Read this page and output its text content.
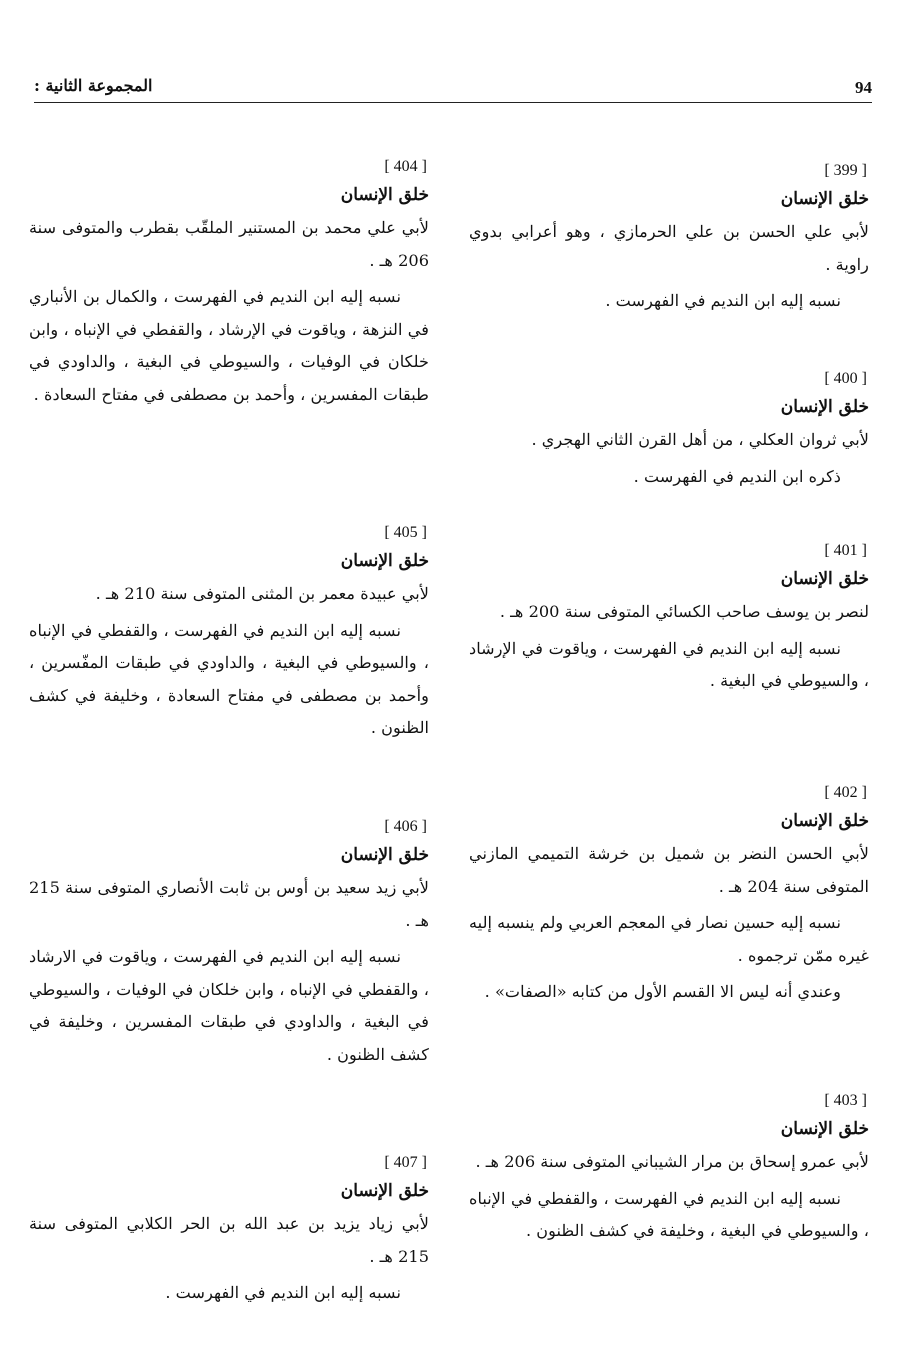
94
المجموعة الثانية :
[ 399 ]
خلق الإنسان

لأبي علي الحسن بن علي الحرمازي ، وهو أعرابي بدوي راوية .

نسبه إليه ابن النديم في الفهرست .

[ 400 ]
خلق الإنسان

لأبي ثروان العكلي ، من أهل القرن الثاني الهجري .

ذكره ابن النديم في الفهرست .

[ 401 ]
خلق الإنسان

لنصر بن يوسف صاحب الكسائي المتوفى سنة 200 هـ .

نسبه إليه ابن النديم في الفهرست ، وياقوت في الإرشاد ، والسيوطي في البغية .

[ 402 ]
خلق الإنسان

لأبي الحسن النضر بن شميل بن خرشة التميمي المازني المتوفى سنة 204 هـ .

نسبه إليه حسين نصار في المعجم العربي ولم ينسبه إليه غيره ممّن ترجموه .

وعندي أنه ليس الا القسم الأول من كتابه «الصفات» .

[ 403 ]
خلق الإنسان

لأبي عمرو إسحاق بن مرار الشيباني المتوفى سنة 206 هـ .

نسبه إليه ابن النديم في الفهرست ، والقفطي في الإنباه ، والسيوطي في البغية ، وخليفة في كشف الظنون .

[ 404 ]
خلق الإنسان

لأبي علي محمد بن المستنير الملقّب بقطرب والمتوفى سنة 206 هـ .

نسبه إليه ابن النديم في الفهرست ، والكمال بن الأنباري في النزهة ، وياقوت في الإرشاد ، والقفطي في الإنباه ، وابن خلكان في الوفيات ، والسيوطي في البغية ، والداودي في طبقات المفسرين ، وأحمد بن مصطفى في مفتاح السعادة .

[ 405 ]
خلق الإنسان

لأبي عبيدة معمر بن المثنى المتوفى سنة 210 هـ .

نسبه إليه ابن النديم في الفهرست ، والقفطي في الإنباه ، والسيوطي في البغية ، والداودي في طبقات المفّسرين ، وأحمد بن مصطفى في مفتاح السعادة ، وخليفة في كشف الظنون .

[ 406 ]
خلق الإنسان

لأبي زيد سعيد بن أوس بن ثابت الأنصاري المتوفى سنة 215 هـ .

نسبه إليه ابن النديم في الفهرست ، وياقوت في الارشاد ، والقفطي في الإنباه ، وابن خلكان في الوفيات ، والسيوطي في البغية ، والداودي في طبقات المفسرين ، وخليفة في كشف الظنون .

[ 407 ]
خلق الإنسان

لأبي زياد يزيد بن عبد الله بن الحر الكلابي المتوفى سنة 215 هـ .

نسبه إليه ابن النديم في الفهرست .
